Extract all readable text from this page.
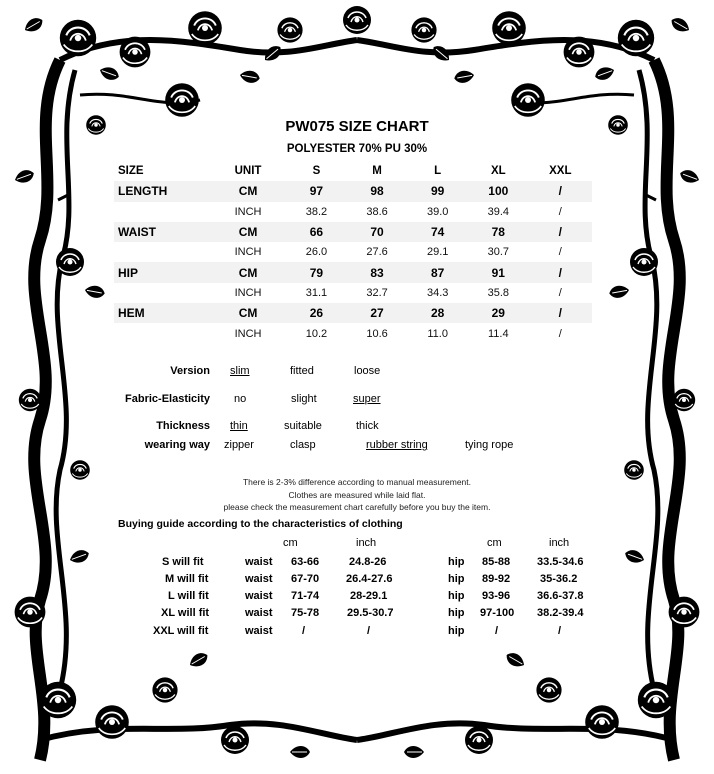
PW075 SIZE CHART
POLYESTER 70% PU 30%
SIZE	UNIT	S	M	L	XL	XXL
LENGTH	CM	97	98	99	100	/
	INCH	38.2	38.6	39.0	39.4	/
WAIST	CM	66	70	74	78	/
	INCH	26.0	27.6	29.1	30.7	/
HIP	CM	79	83	87	91	/
	INCH	31.1	32.7	34.3	35.8	/
HEM	CM	26	27	28	29	/
	INCH	10.2	10.6	11.0	11.4	/
Version slim	fitted	loose
Fabric-Elasticity no	slight	super
Thickness thin	suitable	thick
wearing way zipper	clasp	rubber string	tying rope
There is 2-3% difference according to manual measurement.
Clothes are measured while laid flat.
please check the measurement chart carefully before you buy the item.
Buying guide according to the characteristics of clothing
cm	inch	cm	inch
S will fit	waist 63-66	24.8-26	hip 85-88 33.5-34.6
M will fit	waist 67-70 26.4-27.6	hip 89-92	35-36.2
L will fit	waist 71-74	28-29.1	hip 93-96 36.6-37.8
XL will fit	waist 75-78	29.5-30.7	hip 97-100 38.2-39.4
XXL will fit	waist	/	/	hip	/	/
